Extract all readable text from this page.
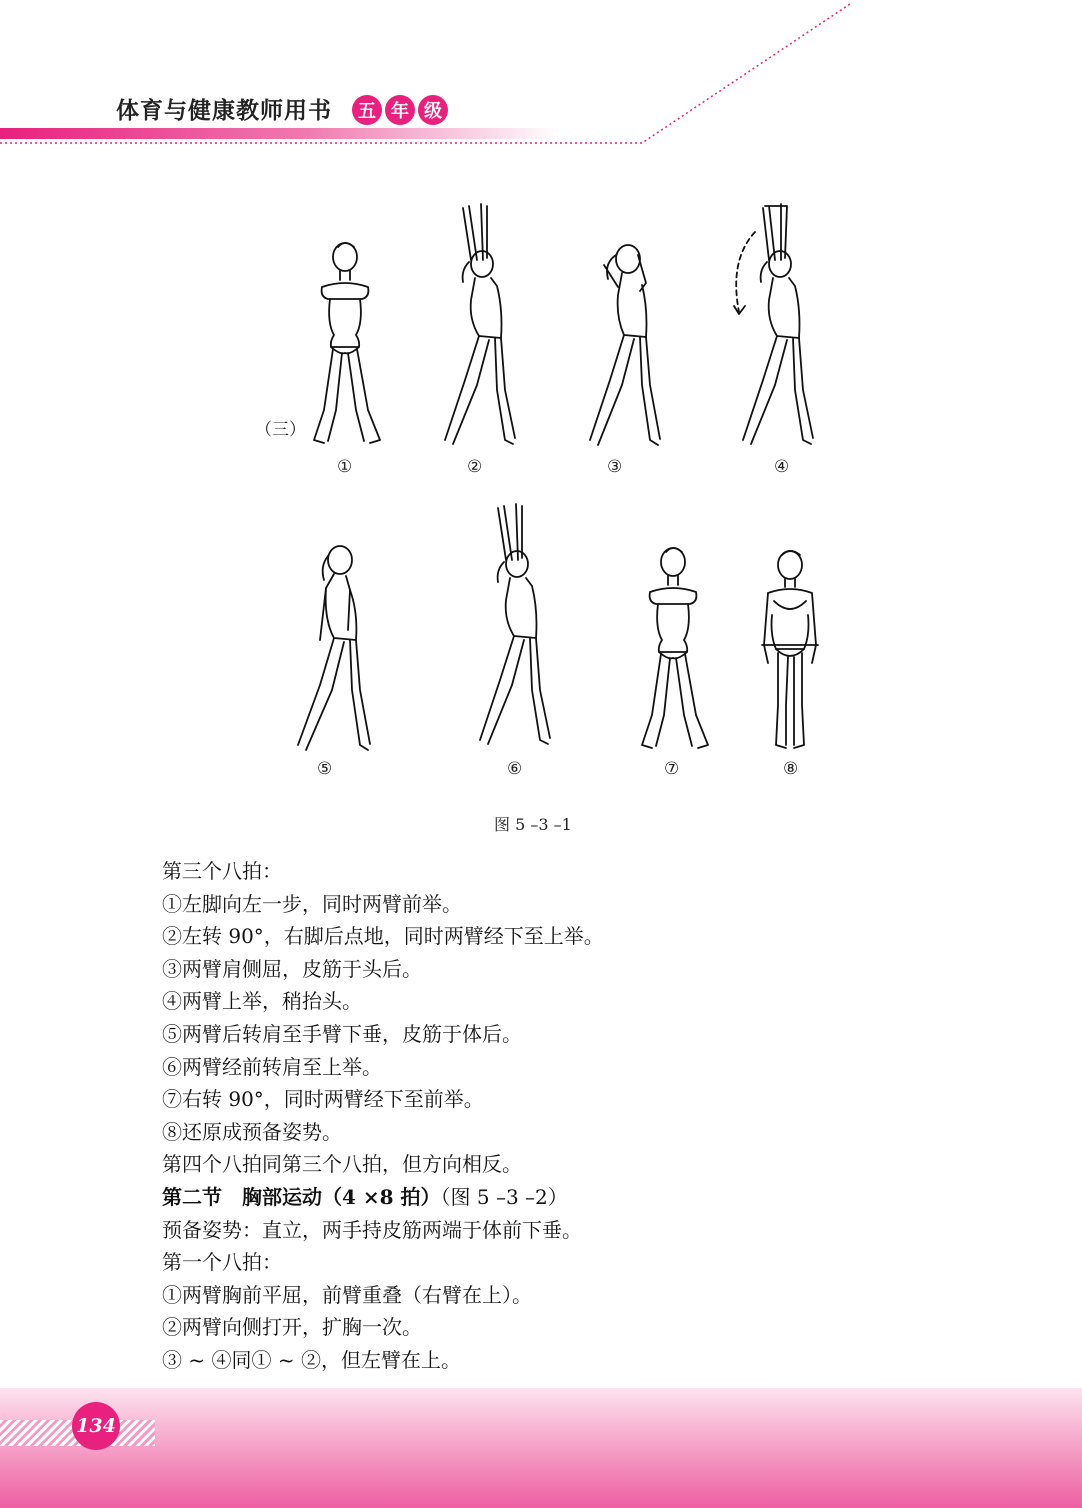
体育与健康教师用书	五 年 级
（三）
①	②	③	④
⑤	⑥	⑦	⑧
图 5 –3 –1
第三个八拍：
①左脚向左一步，同时两臂前举。
②左转 90°，右脚后点地，同时两臂经下至上举。
③两臂肩侧屈，皮筋于头后。
④两臂上举，稍抬头。
⑤两臂后转肩至手臂下垂，皮筋于体后。
⑥两臂经前转肩至上举。
⑦右转 90°，同时两臂经下至前举。
⑧还原成预备姿势。
第四个八拍同第三个八拍，但方向相反。
第二节　胸部运动（4 ×8 拍）（图 5 –3 –2）
预备姿势：直立，两手持皮筋两端于体前下垂。
第一个八拍：
①两臂胸前平屈，前臂重叠（右臂在上）。
②两臂向侧打开，扩胸一次。
③ ~ ④同① ~ ②，但左臂在上。
134
